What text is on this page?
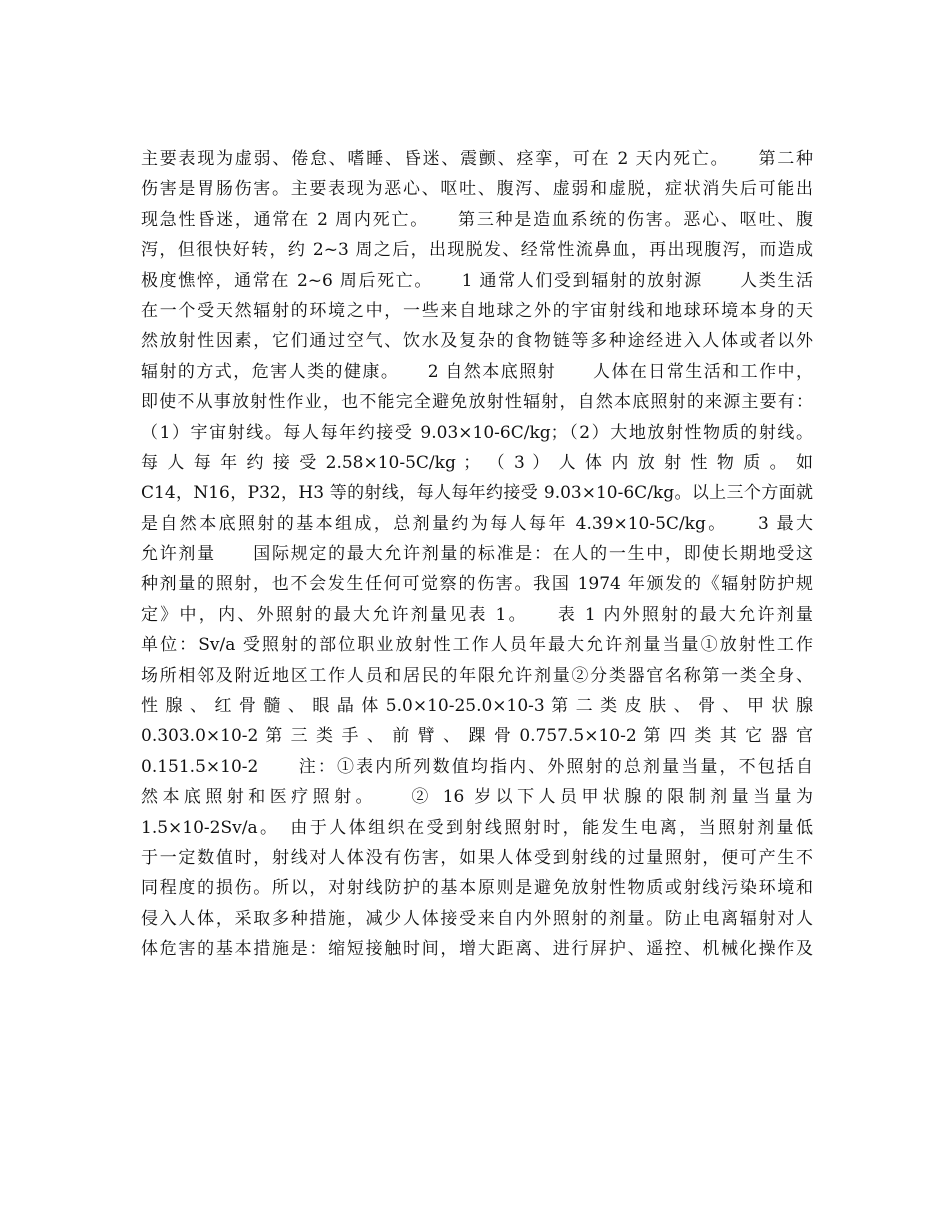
主要表现为虚弱、倦怠、嗜睡、昏迷、震颤、痉挛，可在 2 天内死亡。　　第二种
伤害是胃肠伤害。主要表现为恶心、呕吐、腹泻、虚弱和虚脱，症状消失后可能出
现急性昏迷，通常在 2 周内死亡。　　第三种是造血系统的伤害。恶心、呕吐、腹
泻，但很快好转，约 2~3 周之后，出现脱发、经常性流鼻血，再出现腹泻，而造成
极度憔悴，通常在 2~6 周后死亡。　　1 通常人们受到辐射的放射源　　人类生活
在一个受天然辐射的环境之中，一些来自地球之外的宇宙射线和地球环境本身的天
然放射性因素，它们通过空气、饮水及复杂的食物链等多种途经进入人体或者以外
辐射的方式，危害人类的健康。　　2 自然本底照射　　人体在日常生活和工作中，
即使不从事放射性作业，也不能完全避免放射性辐射，自然本底照射的来源主要有：
（1）宇宙射线。每人每年约接受 9.03×10-6C/kg；（2）大地放射性物质的射线。
每 人 每 年 约 接 受 2.58×10-5C/kg ； （ 3 ） 人 体 内 放 射 性 物 质 。 如
C14，N16，P32，H3 等的射线，每人每年约接受 9.03×10-6C/kg。以上三个方面就
是自然本底照射的基本组成，总剂量约为每人每年 4.39×10-5C/kg。　　3 最大
允许剂量　　国际规定的最大允许剂量的标准是：在人的一生中，即使长期地受这
种剂量的照射，也不会发生任何可觉察的伤害。我国 1974 年颁发的《辐射防护规
定》中，内、外照射的最大允许剂量见表 1。　　表 1 内外照射的最大允许剂量
单位：Sv/a 受照射的部位职业放射性工作人员年最大允许剂量当量①放射性工作
场所相邻及附近地区工作人员和居民的年限允许剂量②分类器官名称第一类全身、
性 腺 、 红 骨 髓 、 眼 晶 体 5.0×10-25.0×10-3 第 二 类 皮 肤 、 骨 、 甲 状 腺
0.303.0×10-2 第 三 类 手 、 前 臂 、 踝 骨 0.757.5×10-2 第 四 类 其 它 器 官
0.151.5×10-2　　注：①表内所列数值均指内、外照射的总剂量当量，不包括自
然本底照射和医疗照射。　　② 16 岁以下人员甲状腺的限制剂量当量为
1.5×10-2Sv/a。　由于人体组织在受到射线照射时，能发生电离，当照射剂量低
于一定数值时，射线对人体没有伤害，如果人体受到射线的过量照射，便可产生不
同程度的损伤。所以，对射线防护的基本原则是避免放射性物质或射线污染环境和
侵入人体，采取多种措施，减少人体接受来自内外照射的剂量。防止电离辐射对人
体危害的基本措施是：缩短接触时间，增大距离、进行屏护、遥控、机械化操作及
